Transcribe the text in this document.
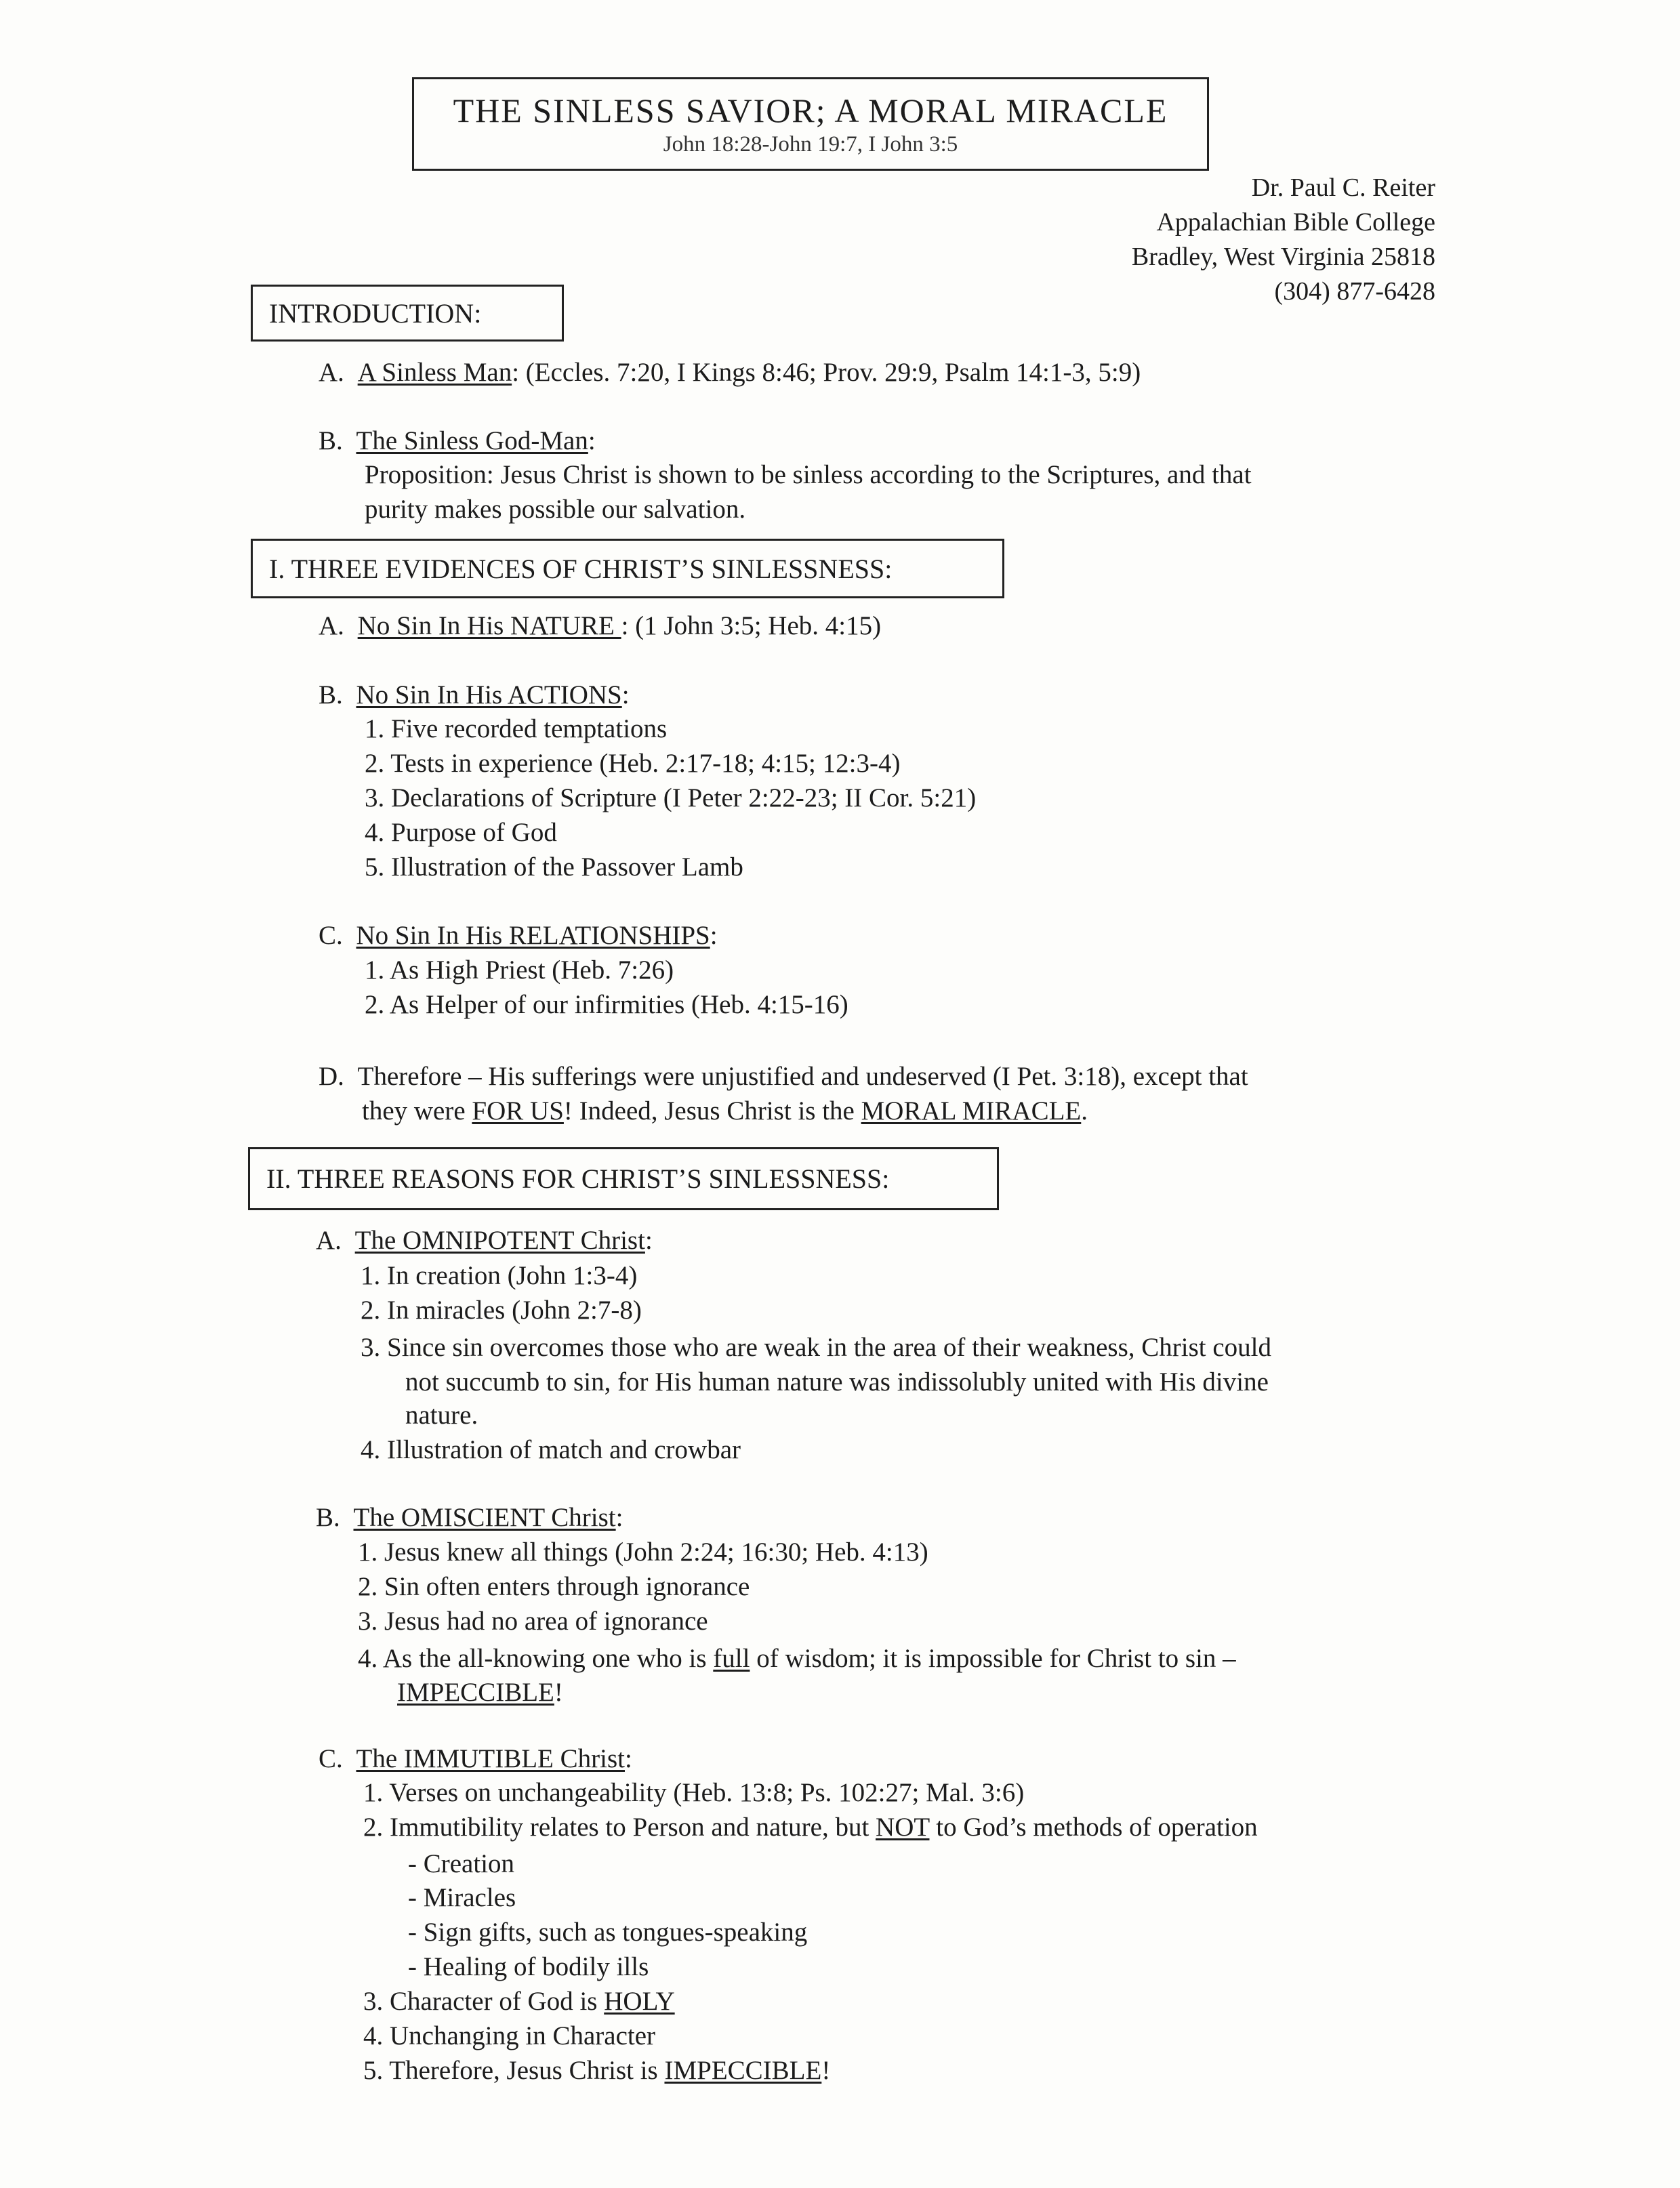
THE SINLESS SAVIOR; A MORAL MIRACLE
John 18:28-John 19:7, I John 3:5
Dr. Paul C. Reiter
Appalachian Bible College
Bradley, West Virginia 25818
(304) 877-6428
INTRODUCTION:
A. A Sinless Man: (Eccles. 7:20, I Kings 8:46; Prov. 29:9, Psalm 14:1-3, 5:9)
B. The Sinless God-Man:
Proposition: Jesus Christ is shown to be sinless according to the Scriptures, and that
purity makes possible our salvation.
I. THREE EVIDENCES OF CHRIST’S SINLESSNESS:
A. No Sin In His NATURE : (1 John 3:5; Heb. 4:15)
B. No Sin In His ACTIONS:
1. Five recorded temptations
2. Tests in experience (Heb. 2:17-18; 4:15; 12:3-4)
3. Declarations of Scripture (I Peter 2:22-23; II Cor. 5:21)
4. Purpose of God
5. Illustration of the Passover Lamb
C. No Sin In His RELATIONSHIPS:
1. As High Priest (Heb. 7:26)
2. As Helper of our infirmities (Heb. 4:15-16)
D. Therefore – His sufferings were unjustified and undeserved (I Pet. 3:18), except that
they were FOR US! Indeed, Jesus Christ is the MORAL MIRACLE.
II. THREE REASONS FOR CHRIST’S SINLESSNESS:
A. The OMNIPOTENT Christ:
1. In creation (John 1:3-4)
2. In miracles (John 2:7-8)
3. Since sin overcomes those who are weak in the area of their weakness, Christ could
not succumb to sin, for His human nature was indissolubly united with His divine
nature.
4. Illustration of match and crowbar
B. The OMISCIENT Christ:
1. Jesus knew all things (John 2:24; 16:30; Heb. 4:13)
2. Sin often enters through ignorance
3. Jesus had no area of ignorance
4. As the all-knowing one who is full of wisdom; it is impossible for Christ to sin –
IMPECCIBLE!
C. The IMMUTIBLE Christ:
1. Verses on unchangeability (Heb. 13:8; Ps. 102:27; Mal. 3:6)
2. Immutibility relates to Person and nature, but NOT to God’s methods of operation
- Creation
- Miracles
- Sign gifts, such as tongues-speaking
- Healing of bodily ills
3. Character of God is HOLY
4. Unchanging in Character
5. Therefore, Jesus Christ is IMPECCIBLE!
